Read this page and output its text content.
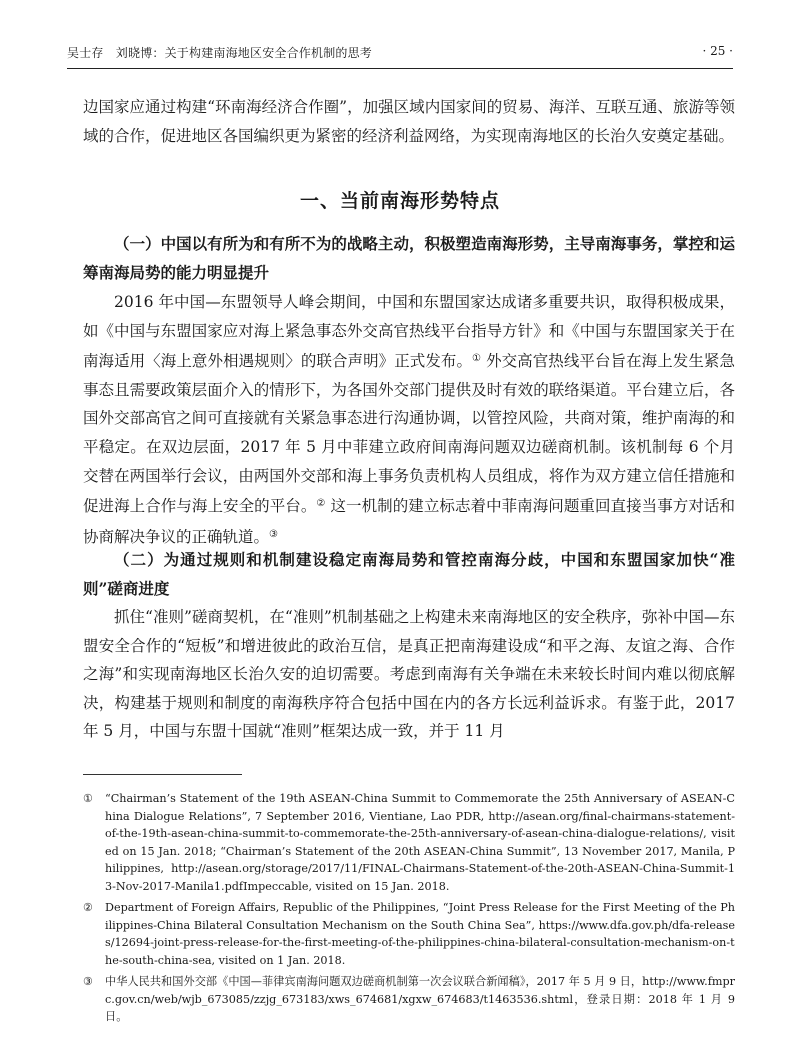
吴士存　刘晓博：关于构建南海地区安全合作机制的思考	· 25 ·
边国家应通过构建“环南海经济合作圈”，加强区域内国家间的贸易、海洋、互联互通、旅游等领域的合作，促进地区各国编织更为紧密的经济利益网络，为实现南海地区的长治久安奠定基础。
一、当前南海形势特点
（一）中国以有所为和有所不为的战略主动，积极塑造南海形势，主导南海事务，掌控和运筹南海局势的能力明显提升
2016 年中国—东盟领导人峰会期间，中国和东盟国家达成诸多重要共识，取得积极成果，如《中国与东盟国家应对海上紧急事态外交高官热线平台指导方针》和《中国与东盟国家关于在南海适用〈海上意外相遇规则〉的联合声明》正式发布。① 外交高官热线平台旨在海上发生紧急事态且需要政策层面介入的情形下，为各国外交部门提供及时有效的联络渠道。平台建立后，各国外交部高官之间可直接就有关紧急事态进行沟通协调，以管控风险，共商对策，维护南海的和平稳定。在双边层面，2017 年 5 月中菲建立政府间南海问题双边磋商机制。该机制每 6 个月交替在两国举行会议，由两国外交部和海上事务负责机构人员组成，将作为双方建立信任措施和促进海上合作与海上安全的平台。② 这一机制的建立标志着中菲南海问题重回直接当事方对话和协商解决争议的正确轨道。③
（二）为通过规则和机制建设稳定南海局势和管控南海分歧，中国和东盟国家加快“准则”磋商进度
抓住“准则”磋商契机，在“准则”机制基础之上构建未来南海地区的安全秩序，弥补中国—东盟安全合作的“短板”和增进彼此的政治互信，是真正把南海建设成“和平之海、友谊之海、合作之海”和实现南海地区长治久安的迫切需要。考虑到南海有关争端在未来较长时间内难以彻底解决，构建基于规则和制度的南海秩序符合包括中国在内的各方长远利益诉求。有鉴于此，2017 年 5 月，中国与东盟十国就“准则”框架达成一致，并于 11 月
① “Chairman’s Statement of the 19th ASEAN-China Summit to Commemorate the 25th Anniversary of ASEAN-China Dialogue Relations”, 7 September 2016, Vientiane, Lao PDR, http://asean.org/final-chairmans-statement-of-the-19th-asean-china-summit-to-commemorate-the-25th-anniversary-of-asean-china-dialogue-relations/, visited on 15 Jan. 2018; “Chairman’s Statement of the 20th ASEAN-China Summit”, 13 November 2017, Manila, Philippines, http://asean.org/storage/2017/11/FINAL-Chairmans-Statement-of-the-20th-ASEAN-China-Summit-13-Nov-2017-Manila1.pdfImpeccable, visited on 15 Jan. 2018.
② Department of Foreign Affairs, Republic of the Philippines, “Joint Press Release for the First Meeting of the Philippines-China Bilateral Consultation Mechanism on the South China Sea”, https://www.dfa.gov.ph/dfa-releases/12694-joint-press-release-for-the-first-meeting-of-the-philippines-china-bilateral-consultation-mechanism-on-the-south-china-sea, visited on 1 Jan. 2018.
③ 中华人民共和国外交部《中国—菲律宾南海问题双边磋商机制第一次会议联合新闻稿》，2017 年 5 月 9 日，http://www.fmprc.gov.cn/web/wjb_673085/zzjg_673183/xws_674681/xgxw_674683/t1463536.shtml，登录日期：2018 年 1 月 9 日。
